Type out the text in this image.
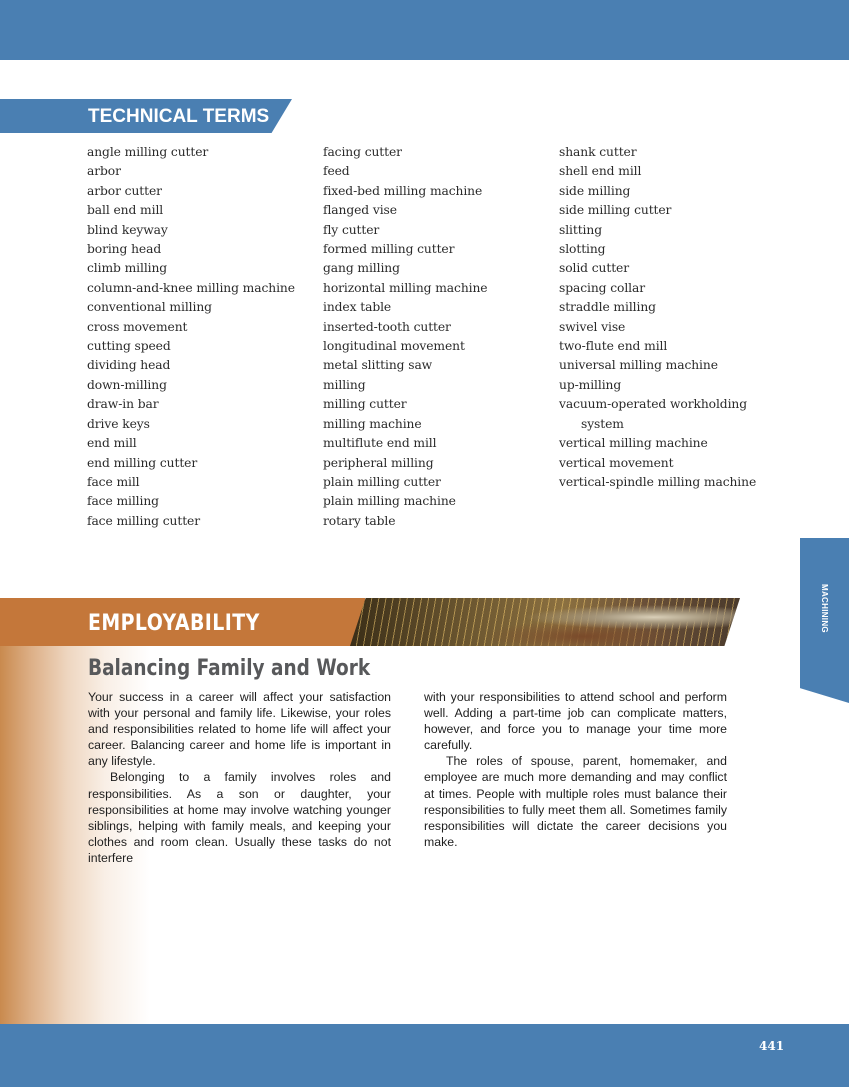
TECHNICAL TERMS
angle milling cutter
arbor
arbor cutter
ball end mill
blind keyway
boring head
climb milling
column-and-knee milling machine
conventional milling
cross movement
cutting speed
dividing head
down-milling
draw-in bar
drive keys
end mill
end milling cutter
face mill
face milling
face milling cutter
facing cutter
feed
fixed-bed milling machine
flanged vise
fly cutter
formed milling cutter
gang milling
horizontal milling machine
index table
inserted-tooth cutter
longitudinal movement
metal slitting saw
milling
milling cutter
milling machine
multiflute end mill
peripheral milling
plain milling cutter
plain milling machine
rotary table
shank cutter
shell end mill
side milling
side milling cutter
slitting
slotting
solid cutter
spacing collar
straddle milling
swivel vise
two-flute end mill
universal milling machine
up-milling
vacuum-operated workholding
system
vertical milling machine
vertical movement
vertical-spindle milling machine
MACHINING
EMPLOYABILITY
Balancing Family and Work

Your success in a career will affect your satisfaction with your personal and family life. Likewise, your roles and responsibilities related to home life will affect your career. Balancing career and home life is important in any lifestyle.

Belonging to a family involves roles and responsibilities. As a son or daughter, your responsibilities at home may involve watching younger siblings, helping with family meals, and keeping your clothes and room clean. Usually these tasks do not interfere

with your responsibilities to attend school and perform well. Adding a part-time job can complicate matters, however, and force you to manage your time more carefully.

The roles of spouse, parent, homemaker, and employee are much more demanding and may conflict at times. People with multiple roles must balance their responsibilities to fully meet them all. Sometimes family responsibilities will dictate the career decisions you make.

441
